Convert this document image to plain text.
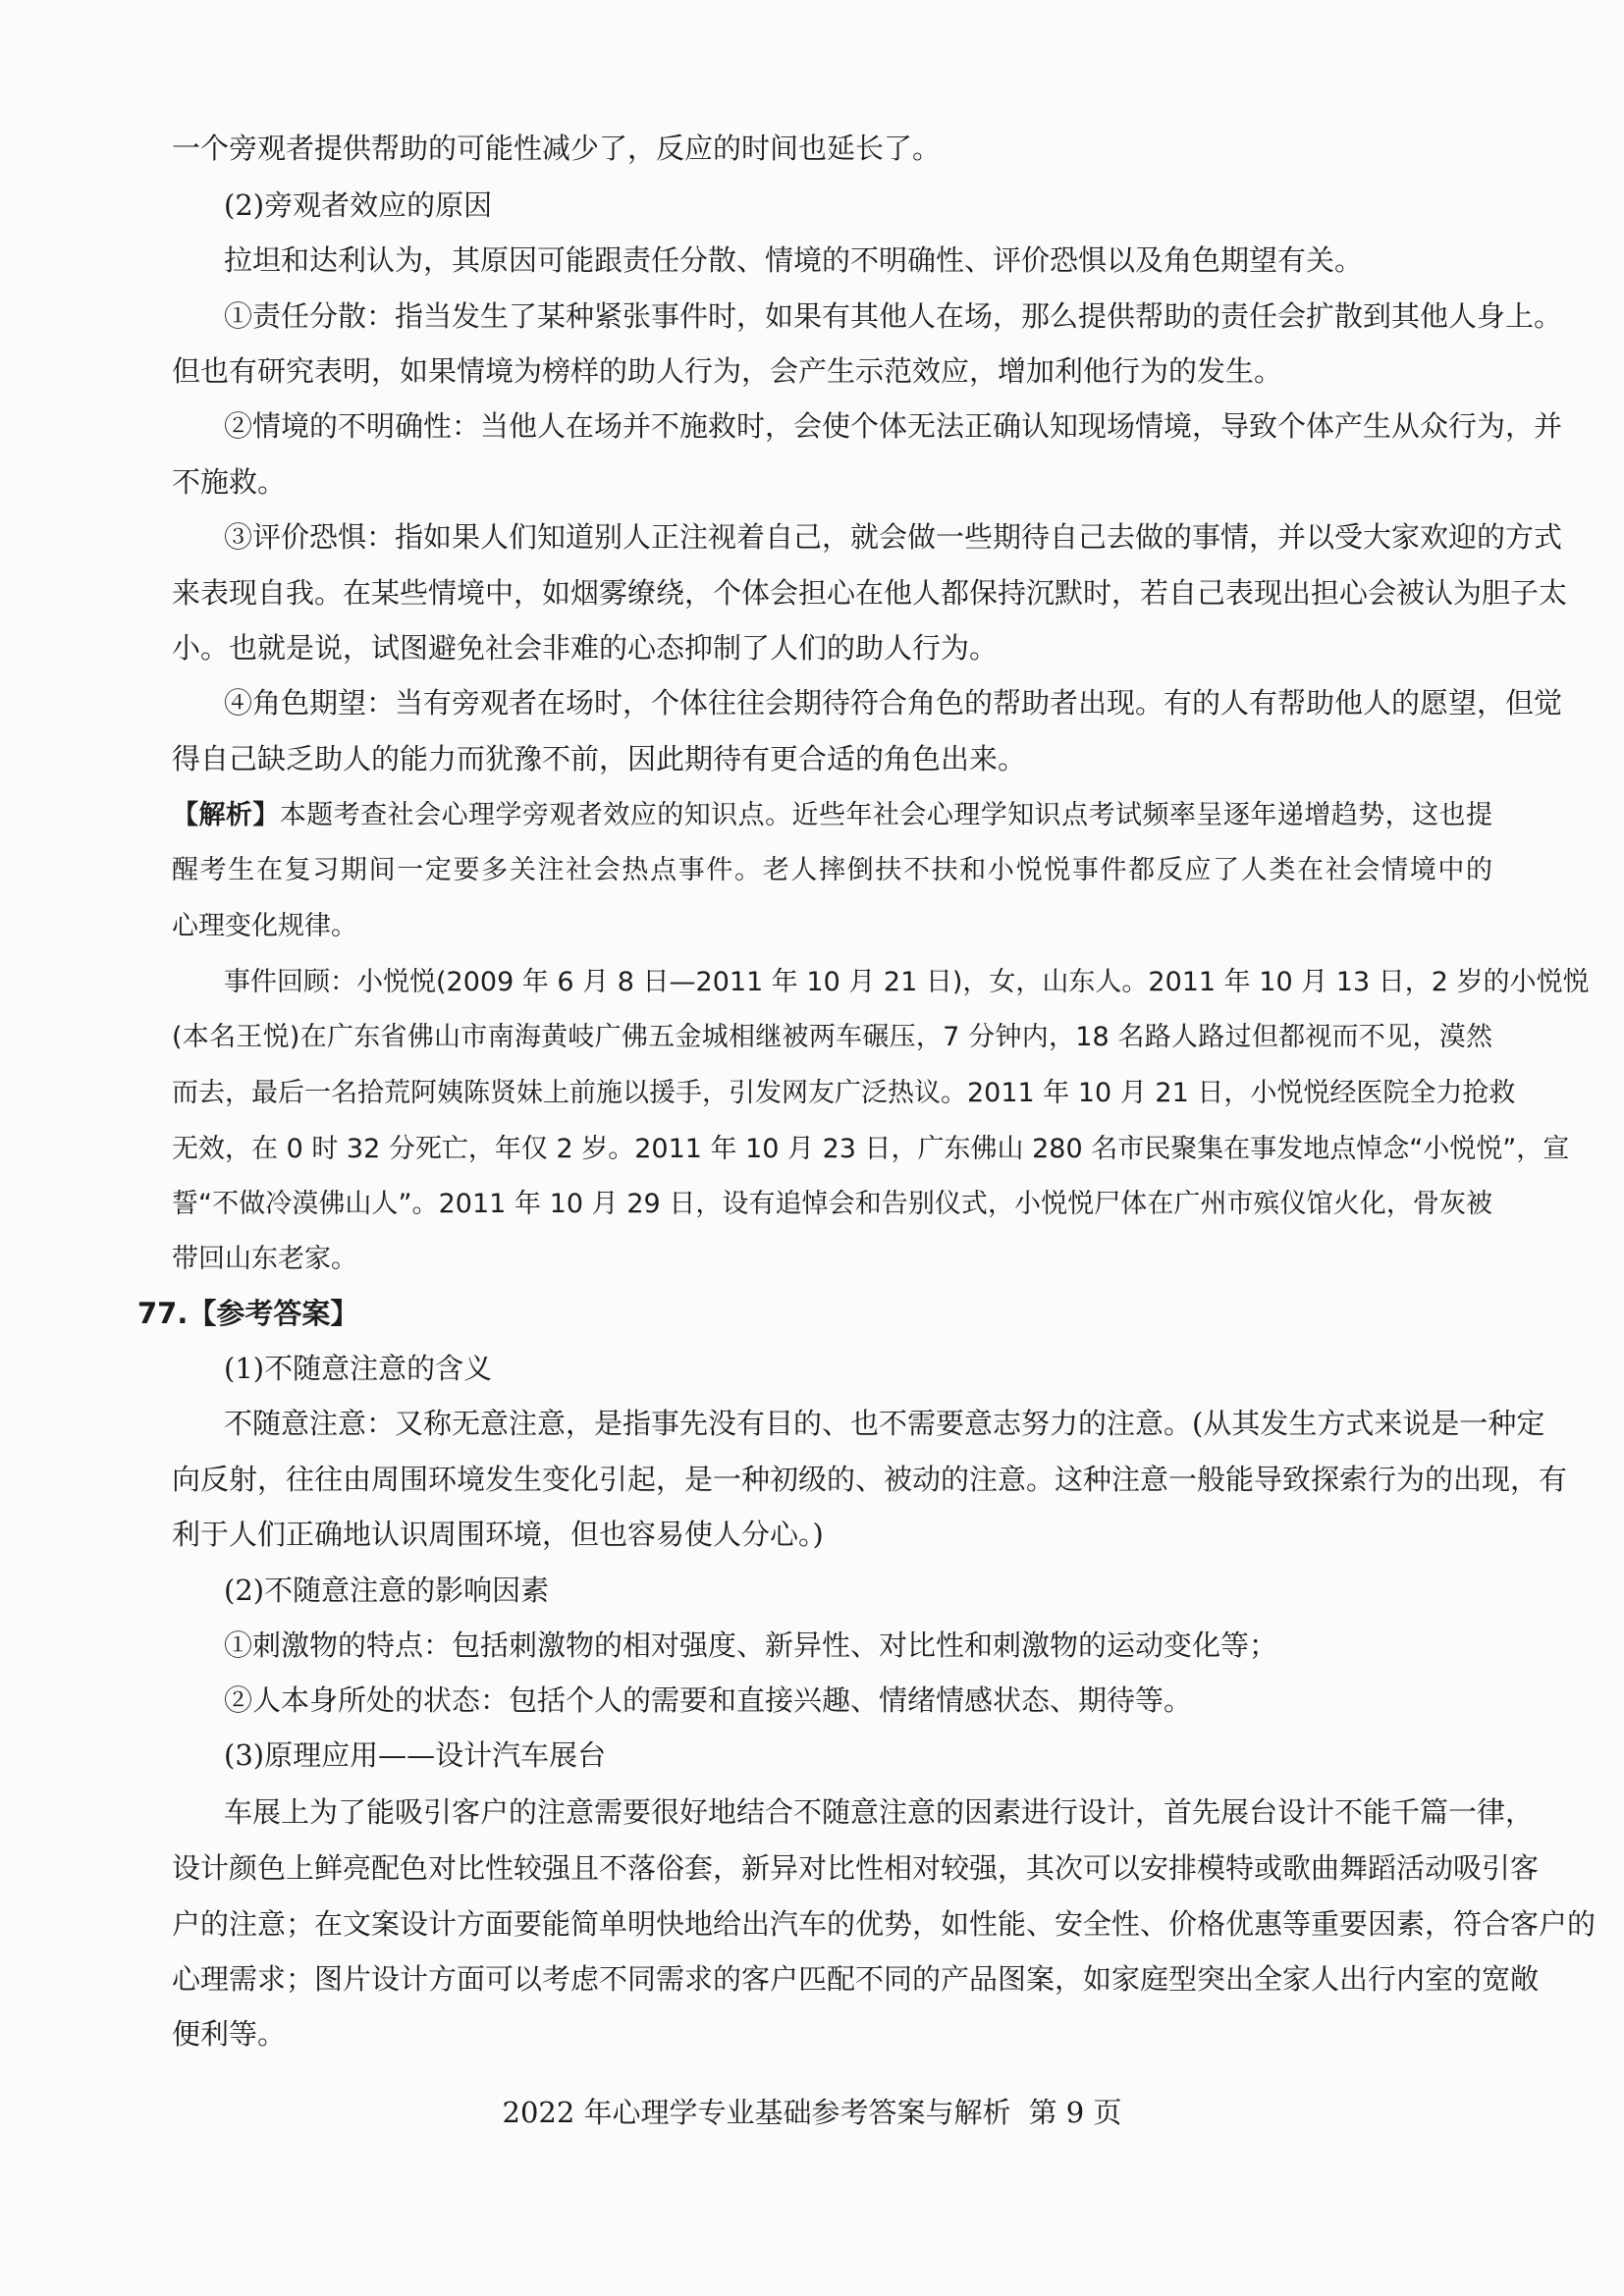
一个旁观者提供帮助的可能性减少了，反应的时间也延长了。
(2)旁观者效应的原因
拉坦和达利认为，其原因可能跟责任分散、情境的不明确性、评价恐惧以及角色期望有关。
①责任分散：指当发生了某种紧张事件时，如果有其他人在场，那么提供帮助的责任会扩散到其他人身上。
但也有研究表明，如果情境为榜样的助人行为，会产生示范效应，增加利他行为的发生。
②情境的不明确性：当他人在场并不施救时，会使个体无法正确认知现场情境，导致个体产生从众行为，并
不施救。
③评价恐惧：指如果人们知道别人正注视着自己，就会做一些期待自己去做的事情，并以受大家欢迎的方式
来表现自我。在某些情境中，如烟雾缭绕，个体会担心在他人都保持沉默时，若自己表现出担心会被认为胆子太
小。也就是说，试图避免社会非难的心态抑制了人们的助人行为。
④角色期望：当有旁观者在场时，个体往往会期待符合角色的帮助者出现。有的人有帮助他人的愿望，但觉
得自己缺乏助人的能力而犹豫不前，因此期待有更合适的角色出来。
【解析】本题考查社会心理学旁观者效应的知识点。近些年社会心理学知识点考试频率呈逐年递增趋势，这也提
醒考生在复习期间一定要多关注社会热点事件。老人摔倒扶不扶和小悦悦事件都反应了人类在社会情境中的
心理变化规律。
事件回顾：小悦悦(2009 年 6 月 8 日—2011 年 10 月 21 日)，女，山东人。2011 年 10 月 13 日，2 岁的小悦悦
(本名王悦)在广东省佛山市南海黄岐广佛五金城相继被两车碾压，7 分钟内，18 名路人路过但都视而不见，漠然
而去，最后一名拾荒阿姨陈贤妹上前施以援手，引发网友广泛热议。2011 年 10 月 21 日，小悦悦经医院全力抢救
无效，在 0 时 32 分死亡，年仅 2 岁。2011 年 10 月 23 日，广东佛山 280 名市民聚集在事发地点悼念“小悦悦”，宣
誓“不做冷漠佛山人”。2011 年 10 月 29 日，设有追悼会和告别仪式，小悦悦尸体在广州市殡仪馆火化，骨灰被
带回山东老家。
77.【参考答案】
(1)不随意注意的含义
不随意注意：又称无意注意，是指事先没有目的、也不需要意志努力的注意。(从其发生方式来说是一种定
向反射，往往由周围环境发生变化引起，是一种初级的、被动的注意。这种注意一般能导致探索行为的出现，有
利于人们正确地认识周围环境，但也容易使人分心。)
(2)不随意注意的影响因素
①刺激物的特点：包括刺激物的相对强度、新异性、对比性和刺激物的运动变化等；
②人本身所处的状态：包括个人的需要和直接兴趣、情绪情感状态、期待等。
(3)原理应用——设计汽车展台
车展上为了能吸引客户的注意需要很好地结合不随意注意的因素进行设计，首先展台设计不能千篇一律，
设计颜色上鲜亮配色对比性较强且不落俗套，新异对比性相对较强，其次可以安排模特或歌曲舞蹈活动吸引客
户的注意；在文案设计方面要能简单明快地给出汽车的优势，如性能、安全性、价格优惠等重要因素，符合客户的
心理需求；图片设计方面可以考虑不同需求的客户匹配不同的产品图案，如家庭型突出全家人出行内室的宽敞
便利等。
2022 年心理学专业基础参考答案与解析 第 9 页
